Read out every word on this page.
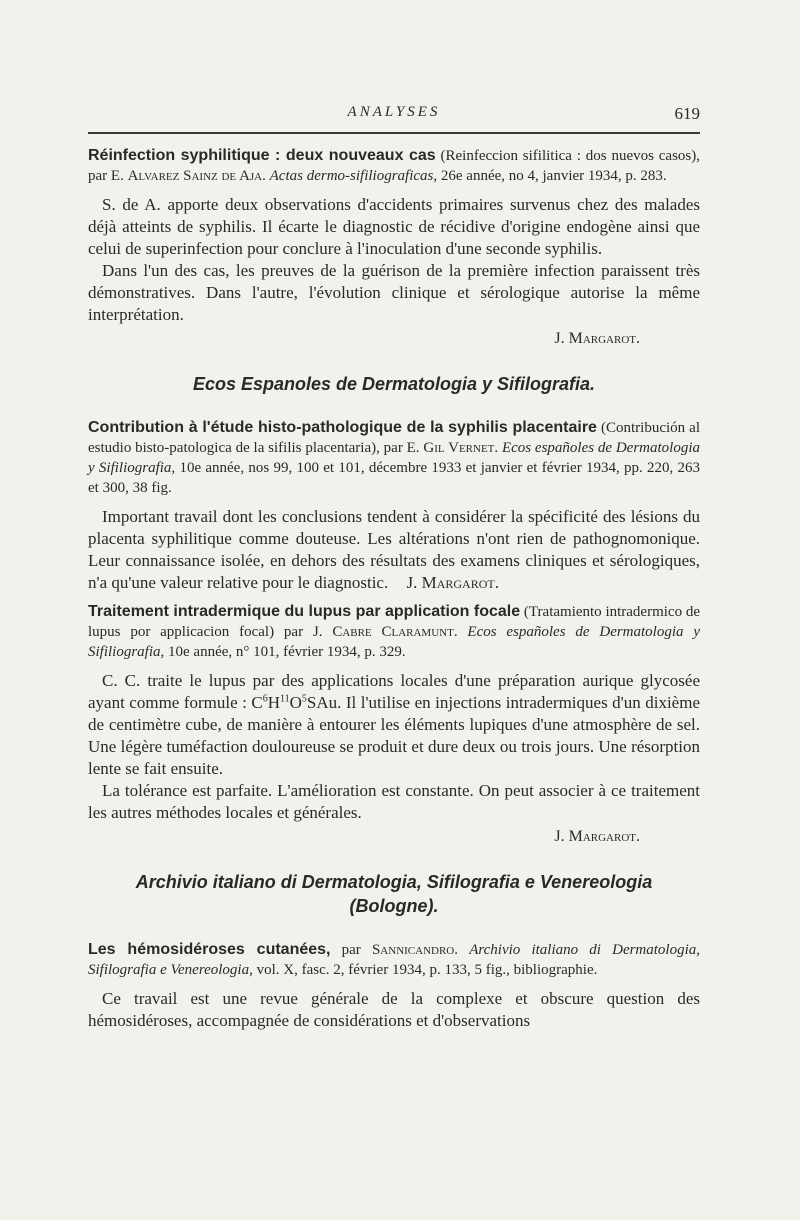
ANALYSES	619

Réinfection syphilitique : deux nouveaux cas (Reinfeccion sifilitica : dos nuevos casos), par E. Alvarez Sainz de Aja. Actas dermo-sifiliograficas, 26e année, no 4, janvier 1934, p. 283.

S. de A. apporte deux observations d'accidents primaires survenus chez des malades déjà atteints de syphilis. Il écarte le diagnostic de récidive d'origine endogène ainsi que celui de superinfection pour conclure à l'inoculation d'une seconde syphilis.

Dans l'un des cas, les preuves de la guérison de la première infection paraissent très démonstratives. Dans l'autre, l'évolution clinique et sérologique autorise la même interprétation.

J. Margarot.

Ecos Espanoles de Dermatologia y Sifilografia.

Contribution à l'étude histo-pathologique de la syphilis placentaire (Contribución al estudio bisto-patologica de la sifilis placentaria), par E. Gil Vernet. Ecos españoles de Dermatologia y Sifiliografia, 10e année, nos 99, 100 et 101, décembre 1933 et janvier et février 1934, pp. 220, 263 et 300, 38 fig.

Important travail dont les conclusions tendent à considérer la spécificité des lésions du placenta syphilitique comme douteuse. Les altérations n'ont rien de pathognomonique. Leur connaissance isolée, en dehors des résultats des examens cliniques et sérologiques, n'a qu'une valeur relative pour le diagnostic. J. Margarot.

Traitement intradermique du lupus par application focale (Tratamiento intradermico de lupus por applicacion focal) par J. Cabre Claramunt. Ecos españoles de Dermatologia y Sifiliografia, 10e année, n° 101, février 1934, p. 329.

C. C. traite le lupus par des applications locales d'une préparation aurique glycosée ayant comme formule : $C^6H^{11}O^5SAu$. Il l'utilise en injections intradermiques d'un dixième de centimètre cube, de manière à entourer les éléments lupiques d'une atmosphère de sel. Une légère tuméfaction douloureuse se produit et dure deux ou trois jours. Une résorption lente se fait ensuite.

La tolérance est parfaite. L'amélioration est constante. On peut associer à ce traitement les autres méthodes locales et générales.

J. Margarot.

Archivio italiano di Dermatologia, Sifilografia e Venereologia
(Bologne).

Les hémosidéroses cutanées, par Sannicandro. Archivio italiano di Dermatologia, Sifilografia e Venereologia, vol. X, fasc. 2, février 1934, p. 133, 5 fig., bibliographie.

Ce travail est une revue générale de la complexe et obscure question des hémosidéroses, accompagnée de considérations et d'observations
